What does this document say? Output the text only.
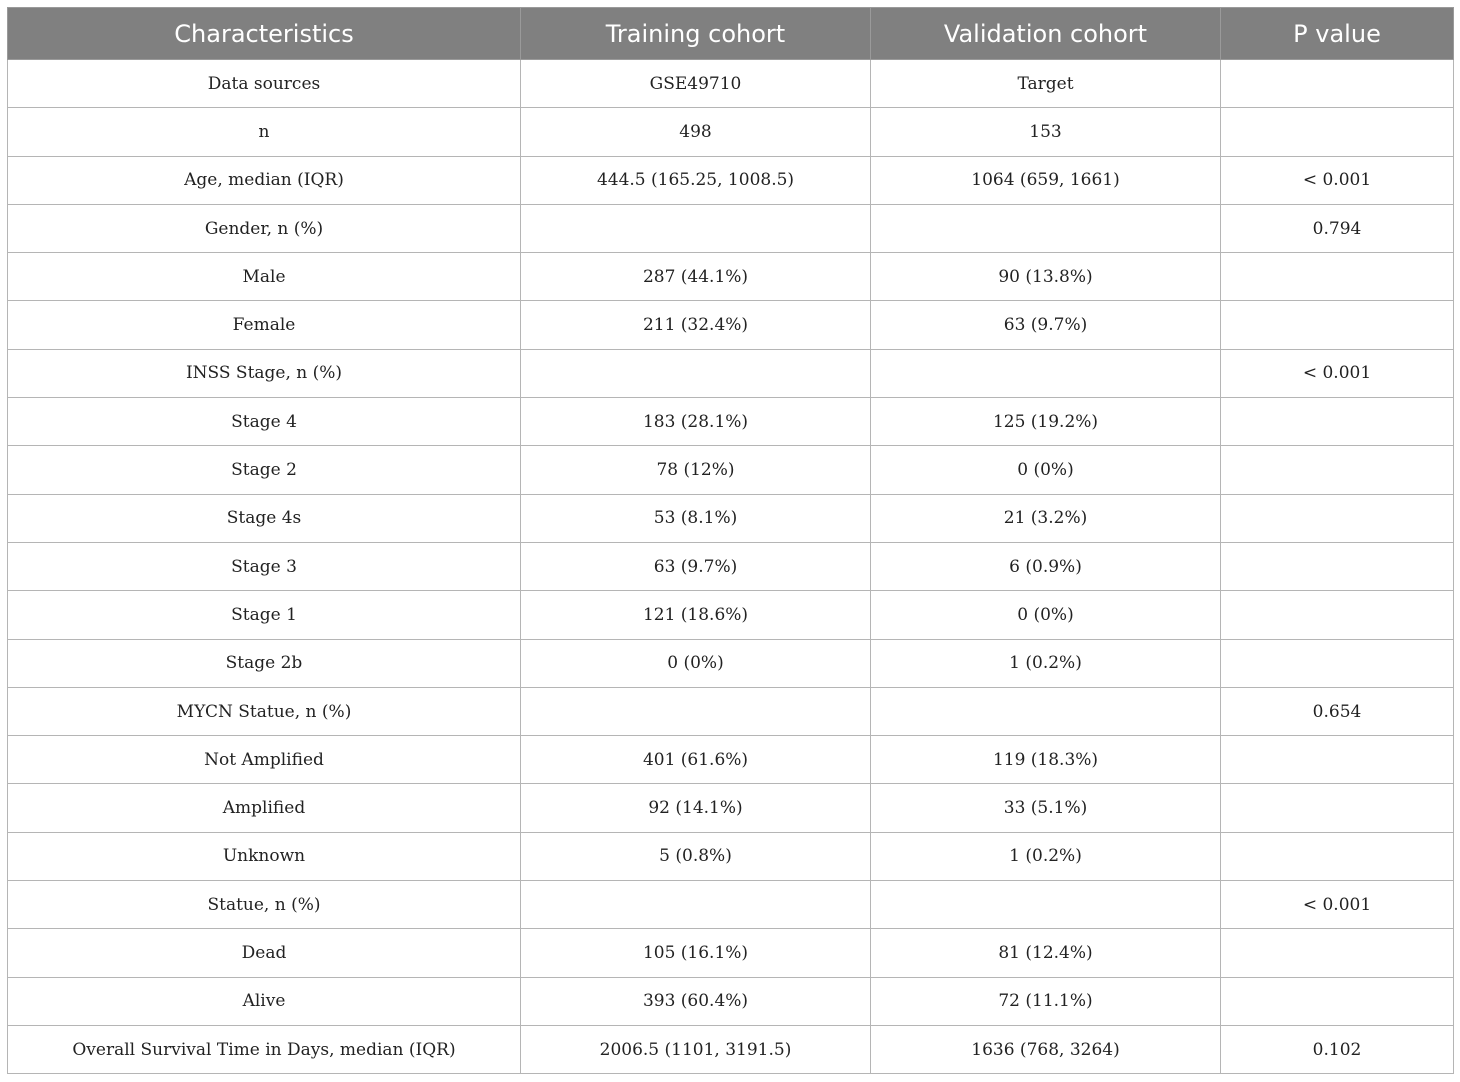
Characteristics	Training cohort	Validation cohort	P value
Data sources	GSE49710	Target	
n	498	153	
Age, median (IQR)	444.5 (165.25, 1008.5)	1064 (659, 1661)	< 0.001
Gender, n (%)			0.794
Male	287 (44.1%)	90 (13.8%)	
Female	211 (32.4%)	63 (9.7%)	
INSS Stage, n (%)			< 0.001
Stage 4	183 (28.1%)	125 (19.2%)	
Stage 2	78 (12%)	0 (0%)	
Stage 4s	53 (8.1%)	21 (3.2%)	
Stage 3	63 (9.7%)	6 (0.9%)	
Stage 1	121 (18.6%)	0 (0%)	
Stage 2b	0 (0%)	1 (0.2%)	
MYCN Statue, n (%)			0.654
Not Amplified	401 (61.6%)	119 (18.3%)	
Amplified	92 (14.1%)	33 (5.1%)	
Unknown	5 (0.8%)	1 (0.2%)	
Statue, n (%)			< 0.001
Dead	105 (16.1%)	81 (12.4%)	
Alive	393 (60.4%)	72 (11.1%)	
Overall Survival Time in Days, median (IQR)	2006.5 (1101, 3191.5)	1636 (768, 3264)	0.102
